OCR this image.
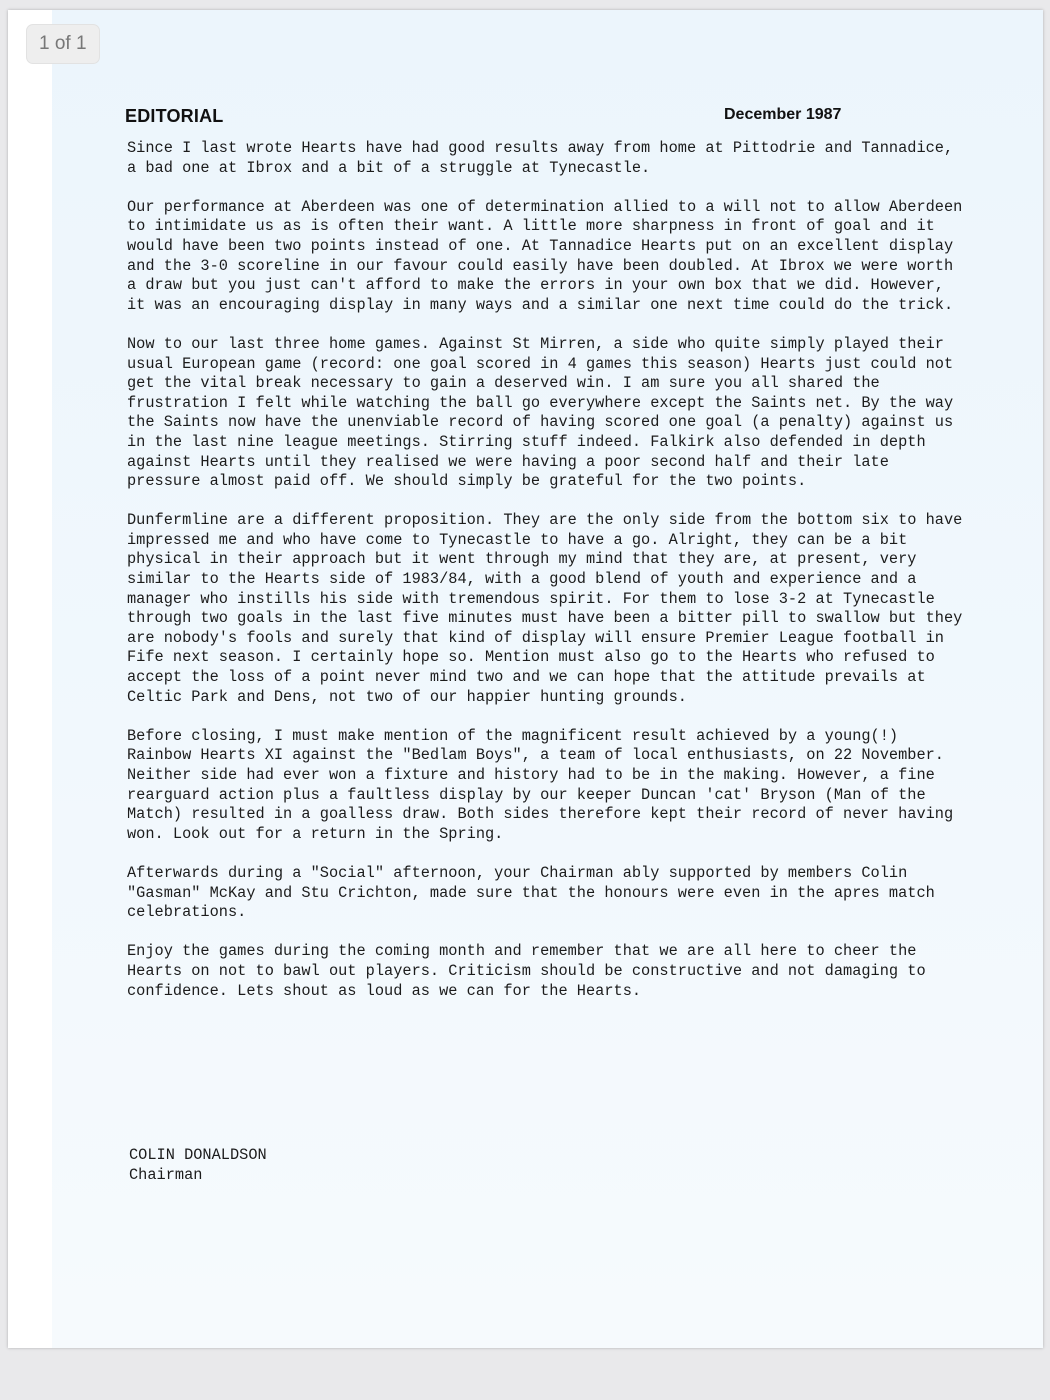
EDITORIAL	December 1987

Since I last wrote Hearts have had good results away from home at Pittodrie and Tannadice, a bad one at Ibrox and a bit of a struggle at Tynecastle.

Our performance at Aberdeen was one of determination allied to a will not to allow Aberdeen to intimidate us as is often their want. A little more sharpness in front of goal and it would have been two points instead of one. At Tannadice Hearts put on an excellent display and the 3-0 scoreline in our favour could easily have been doubled. At Ibrox we were worth a draw but you just can't afford to make the errors in your own box that we did. However, it was an encouraging display in many ways and a similar one next time could do the trick.

Now to our last three home games. Against St Mirren, a side who quite simply played their usual European game (record: one goal scored in 4 games this season) Hearts just could not get the vital break necessary to gain a deserved win. I am sure you all shared the frustration I felt while watching the ball go everywhere except the Saints net. By the way the Saints now have the unenviable record of having scored one goal (a penalty) against us in the last nine league meetings. Stirring stuff indeed. Falkirk also defended in depth against Hearts until they realised we were having a poor second half and their late pressure almost paid off. We should simply be grateful for the two points.

Dunfermline are a different proposition. They are the only side from the bottom six to have impressed me and who have come to Tynecastle to have a go. Alright, they can be a bit physical in their approach but it went through my mind that they are, at present, very similar to the Hearts side of 1983/84, with a good blend of youth and experience and a manager who instills his side with tremendous spirit. For them to lose 3-2 at Tynecastle through two goals in the last five minutes must have been a bitter pill to swallow but they are nobody's fools and surely that kind of display will ensure Premier League football in Fife next season. I certainly hope so. Mention must also go to the Hearts who refused to accept the loss of a point never mind two and we can hope that the attitude prevails at Celtic Park and Dens, not two of our happier hunting grounds.

Before closing, I must make mention of the magnificent result achieved by a young(!) Rainbow Hearts XI against the "Bedlam Boys", a team of local enthusiasts, on 22 November. Neither side had ever won a fixture and history had to be in the making. However, a fine rearguard action plus a faultless display by our keeper Duncan 'cat' Bryson (Man of the Match) resulted in a goalless draw. Both sides therefore kept their record of never having won. Look out for a return in the Spring.

Afterwards during a "Social" afternoon, your Chairman ably supported by members Colin "Gasman" McKay and Stu Crichton, made sure that the honours were even in the apres match celebrations.

Enjoy the games during the coming month and remember that we are all here to cheer the Hearts on not to bawl out players. Criticism should be constructive and not damaging to confidence. Lets shout as loud as we can for the Hearts.

COLIN DONALDSON
Chairman
1 of 1
